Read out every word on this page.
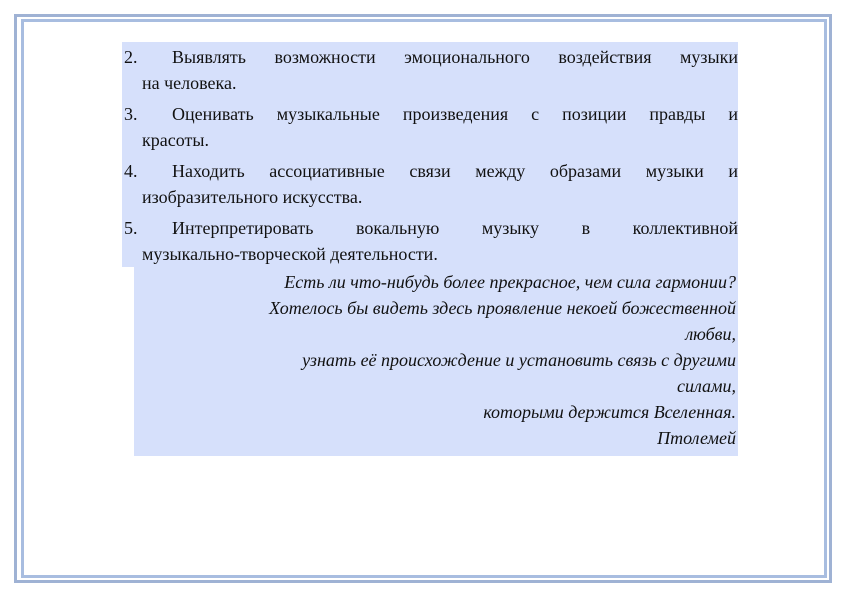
2. Выявлять возможности эмоционального воздействия музыки
на человека.
3. Оценивать музыкальные произведения с позиции правды и
красоты.
4. Находить ассоциативные связи между образами музыки и
изобразительного искусства.
5. Интерпретировать вокальную музыку в коллективной
музыкально-творческой деятельности.
Есть ли что-нибудь более прекрасное, чем сила гармонии?
Хотелось бы видеть здесь проявление некоей божественной
любви,
узнать её происхождение и установить связь с другими
силами,
которыми держится Вселенная.
Птолемей
